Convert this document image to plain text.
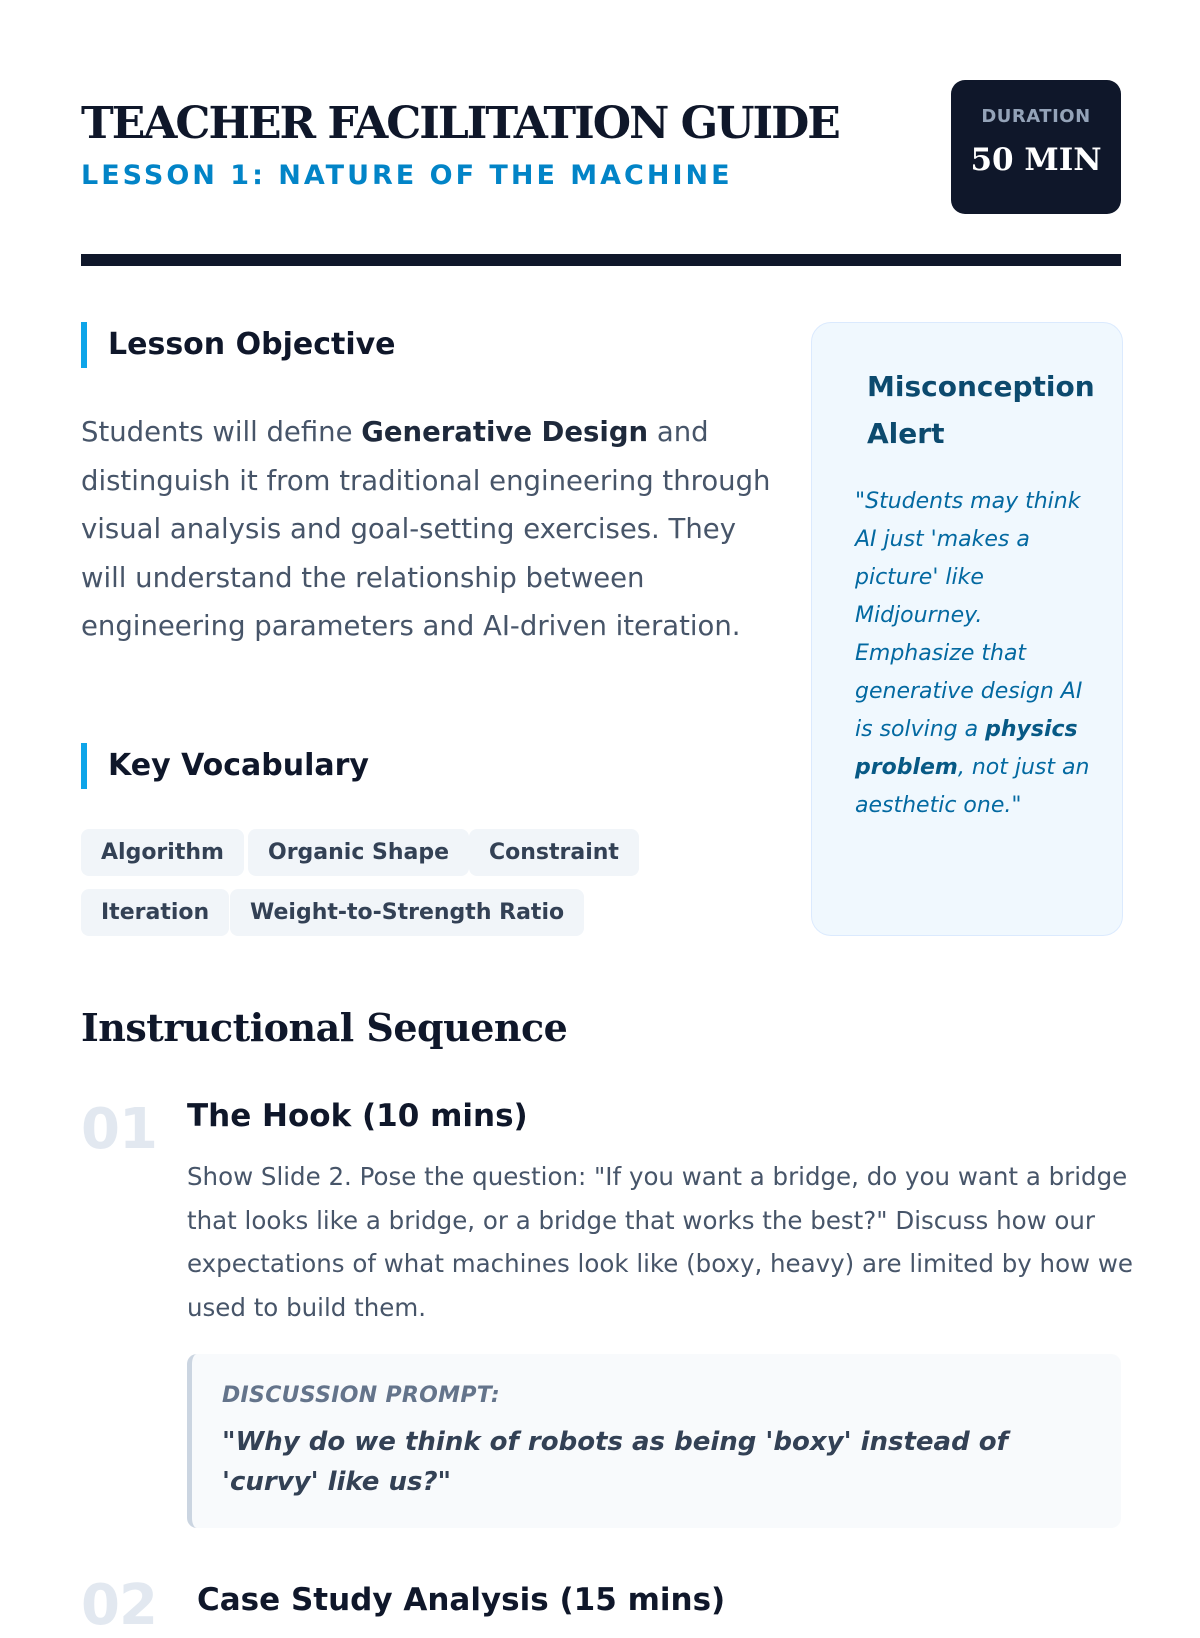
TEACHER FACILITATION GUIDE
LESSON 1: NATURE OF THE MACHINE
DURATION
50 MIN
Lesson Objective
Students will define Generative Design and distinguish it from traditional engineering through visual analysis and goal-setting exercises. They will understand the relationship between engineering parameters and AI-driven iteration.
Key Vocabulary
Algorithm	Organic Shape	Constraint
Iteration	Weight-to-Strength Ratio
Misconception Alert
"Students may think AI just 'makes a picture' like Midjourney. Emphasize that generative design AI is solving a physics problem, not just an aesthetic one."
Instructional Sequence
01 The Hook (10 mins)
Show Slide 2. Pose the question: "If you want a bridge, do you want a bridge that looks like a bridge, or a bridge that works the best?" Discuss how our expectations of what machines look like (boxy, heavy) are limited by how we used to build them.
DISCUSSION PROMPT:
"Why do we think of robots as being 'boxy' instead of 'curvy' like us?"
02 Case Study Analysis (15 mins)
